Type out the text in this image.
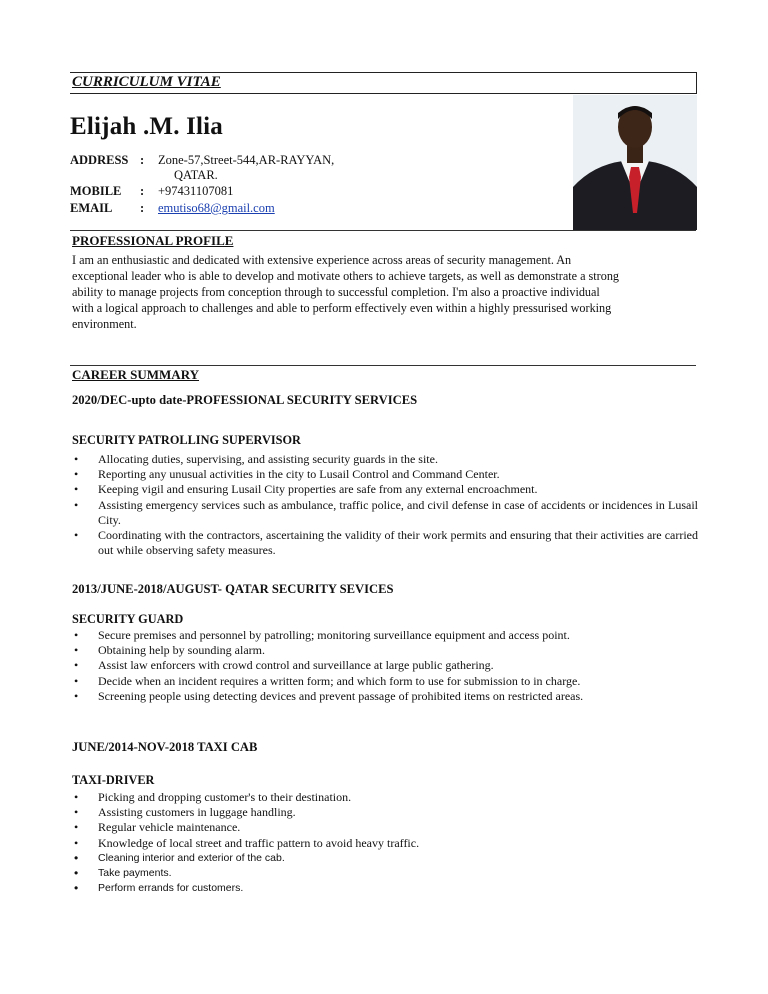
CURRICULUM VITAE
Elijah .M. Ilia
ADDRESS : Zone-57,Street-544,AR-RAYYAN,
QATAR.
MOBILE : +97431107081
EMAIL : emutiso68@gmail.com
PROFESSIONAL PROFILE
I am an enthusiastic and dedicated with extensive experience across areas of security management. An
exceptional leader who is able to develop and motivate others to achieve targets, as well as demonstrate a strong
ability to manage projects from conception through to successful completion. I'm also a proactive individual
with a logical approach to challenges and able to perform effectively even within a highly pressurised working
environment.
CAREER SUMMARY
2020/DEC-upto date-PROFESSIONAL SECURITY SERVICES
SECURITY PATROLLING SUPERVISOR
• Allocating duties, supervising, and assisting security guards in the site.
• Reporting any unusual activities in the city to Lusail Control and Command Center.
• Keeping vigil and ensuring Lusail City properties are safe from any external encroachment.
• Assisting emergency services such as ambulance, traffic police, and civil defense in case of accidents or incidences in Lusail City.
• Coordinating with the contractors, ascertaining the validity of their work permits and ensuring that their activities are carried out while observing safety measures.
2013/JUNE-2018/AUGUST- QATAR SECURITY SEVICES
SECURITY GUARD
• Secure premises and personnel by patrolling; monitoring surveillance equipment and access point.
• Obtaining help by sounding alarm.
• Assist law enforcers with crowd control and surveillance at large public gathering.
• Decide when an incident requires a written form; and which form to use for submission to in charge.
• Screening people using detecting devices and prevent passage of prohibited items on restricted areas.
JUNE/2014-NOV-2018 TAXI CAB
TAXI-DRIVER
• Picking and dropping customer's to their destination.
• Assisting customers in luggage handling.
• Regular vehicle maintenance.
• Knowledge of local street and traffic pattern to avoid heavy traffic.
• Cleaning interior and exterior of the cab.
• Take payments.
• Perform errands for customers.
